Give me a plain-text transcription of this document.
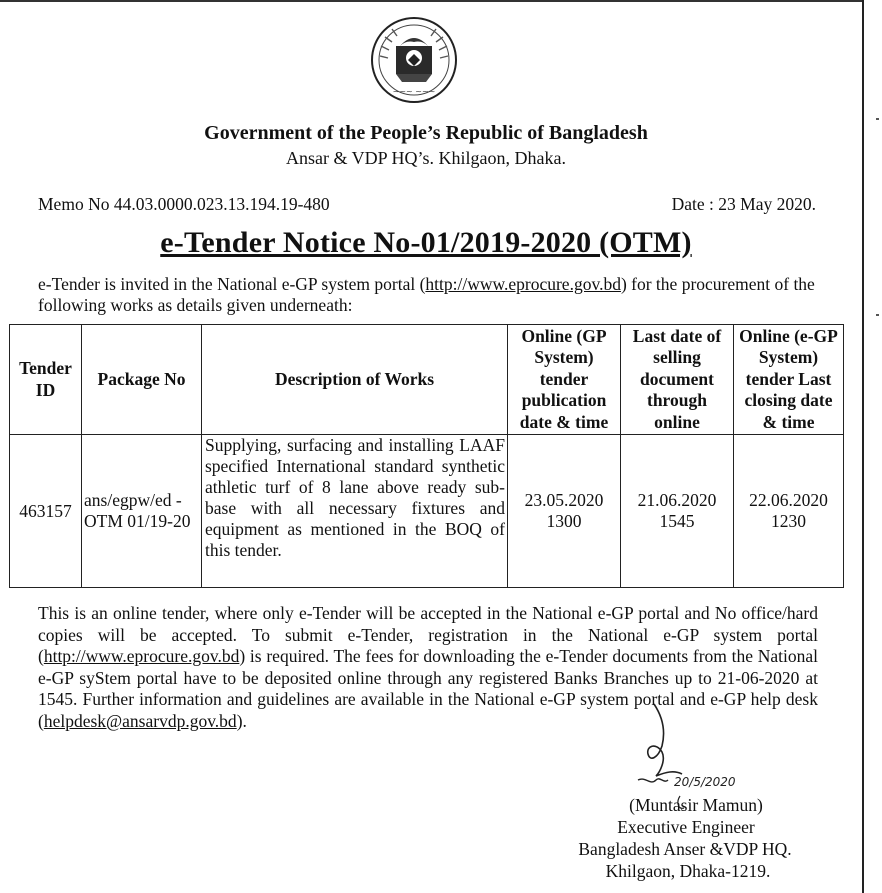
~~~ ~~~
Government of the People’s Republic of Bangladesh
Ansar & VDP HQ’s. Khilgaon, Dhaka.
Memo No 44.03.0000.023.13.194.19-480	Date : 23 May 2020.
e-Tender Notice No-01/2019-2020 (OTM)
e-Tender is invited in the National e-GP system portal (http://www.eprocure.gov.bd) for the procurement of the following works as details given underneath:
Tender ID	Package No	Description of Works	Online (GP System) tender publication date & time	Last date of selling document through online	Online (e-GP System) tender Last closing date & time
463157	ans/egpw/ed -OTM 01/19-20	Supplying, surfacing and installing LAAF specified International standard synthetic athletic turf of 8 lane above ready sub-base with all necessary fixtures and equipment as mentioned in the BOQ of this tender.	23.05.2020 1300	21.06.2020 1545	22.06.2020 1230
This is an online tender, where only e-Tender will be accepted in the National e-GP portal and No office/hard copies will be accepted. To submit e-Tender, registration in the National e-GP system portal (http://www.eprocure.gov.bd) is required. The fees for downloading the e-Tender documents from the National e-GP syStem portal have to be deposited online through any registered Banks Branches up to 21-06-2020 at 1545. Further information and guidelines are available in the National e-GP system portal and e-GP help desk (helpdesk@ansarvdp.gov.bd).
20/5/2020
(Muntasir Mamun)
Executive Engineer
Bangladesh Anser &VDP HQ.
Khilgaon, Dhaka-1219.
